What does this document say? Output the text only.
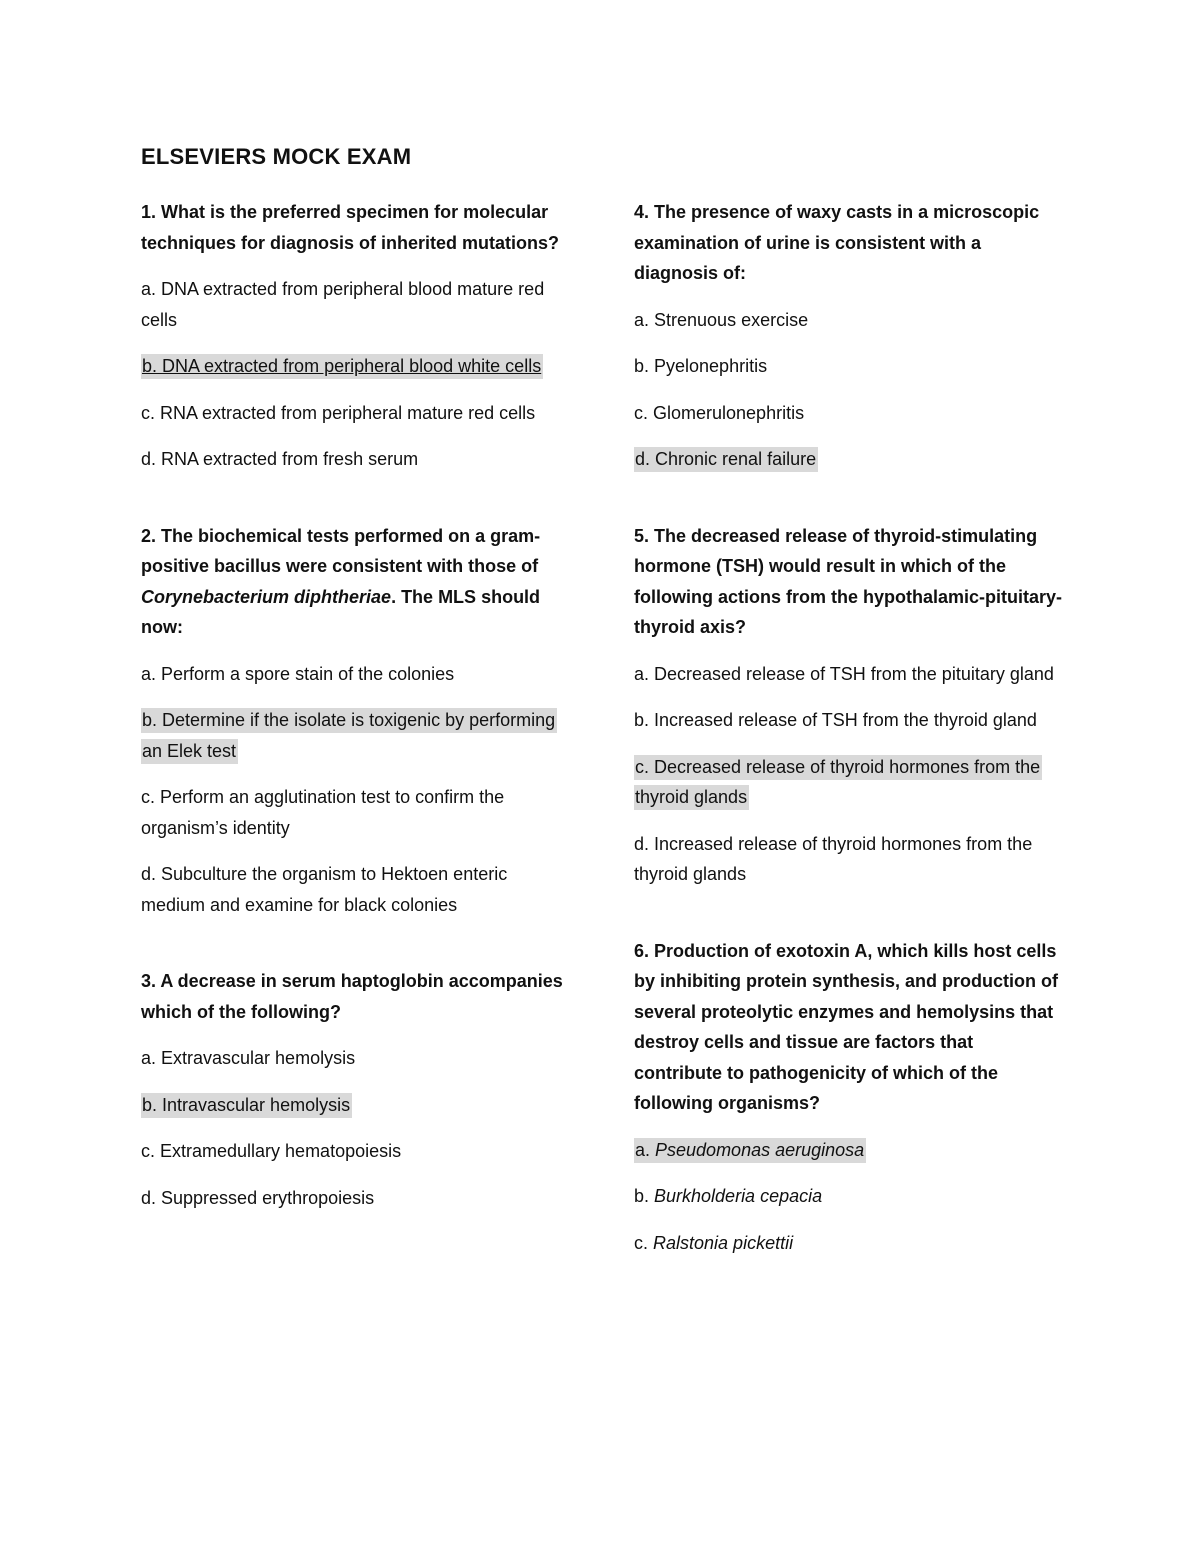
ELSEVIERS MOCK EXAM

1. What is the preferred specimen for molecular techniques for diagnosis of inherited mutations?

a. DNA extracted from peripheral blood mature red cells

b. DNA extracted from peripheral blood white cells

c. RNA extracted from peripheral mature red cells

d. RNA extracted from fresh serum

2. The biochemical tests performed on a gram-positive bacillus were consistent with those of Corynebacterium diphtheriae. The MLS should now:

a. Perform a spore stain of the colonies

b. Determine if the isolate is toxigenic by performing an Elek test

c. Perform an agglutination test to confirm the organism’s identity

d. Subculture the organism to Hektoen enteric medium and examine for black colonies

3. A decrease in serum haptoglobin accompanies which of the following?

a. Extravascular hemolysis

b. Intravascular hemolysis

c. Extramedullary hematopoiesis

d. Suppressed erythropoiesis

4. The presence of waxy casts in a microscopic examination of urine is consistent with a diagnosis of:

a. Strenuous exercise

b. Pyelonephritis

c. Glomerulonephritis

d. Chronic renal failure

5. The decreased release of thyroid-stimulating hormone (TSH) would result in which of the following actions from the hypothalamic-pituitary-thyroid axis?

a. Decreased release of TSH from the pituitary gland

b. Increased release of TSH from the thyroid gland

c. Decreased release of thyroid hormones from the thyroid glands

d. Increased release of thyroid hormones from the thyroid glands

6. Production of exotoxin A, which kills host cells by inhibiting protein synthesis, and production of several proteolytic enzymes and hemolysins that destroy cells and tissue are factors that contribute to pathogenicity of which of the following organisms?

a. Pseudomonas aeruginosa

b. Burkholderia cepacia

c. Ralstonia pickettii
